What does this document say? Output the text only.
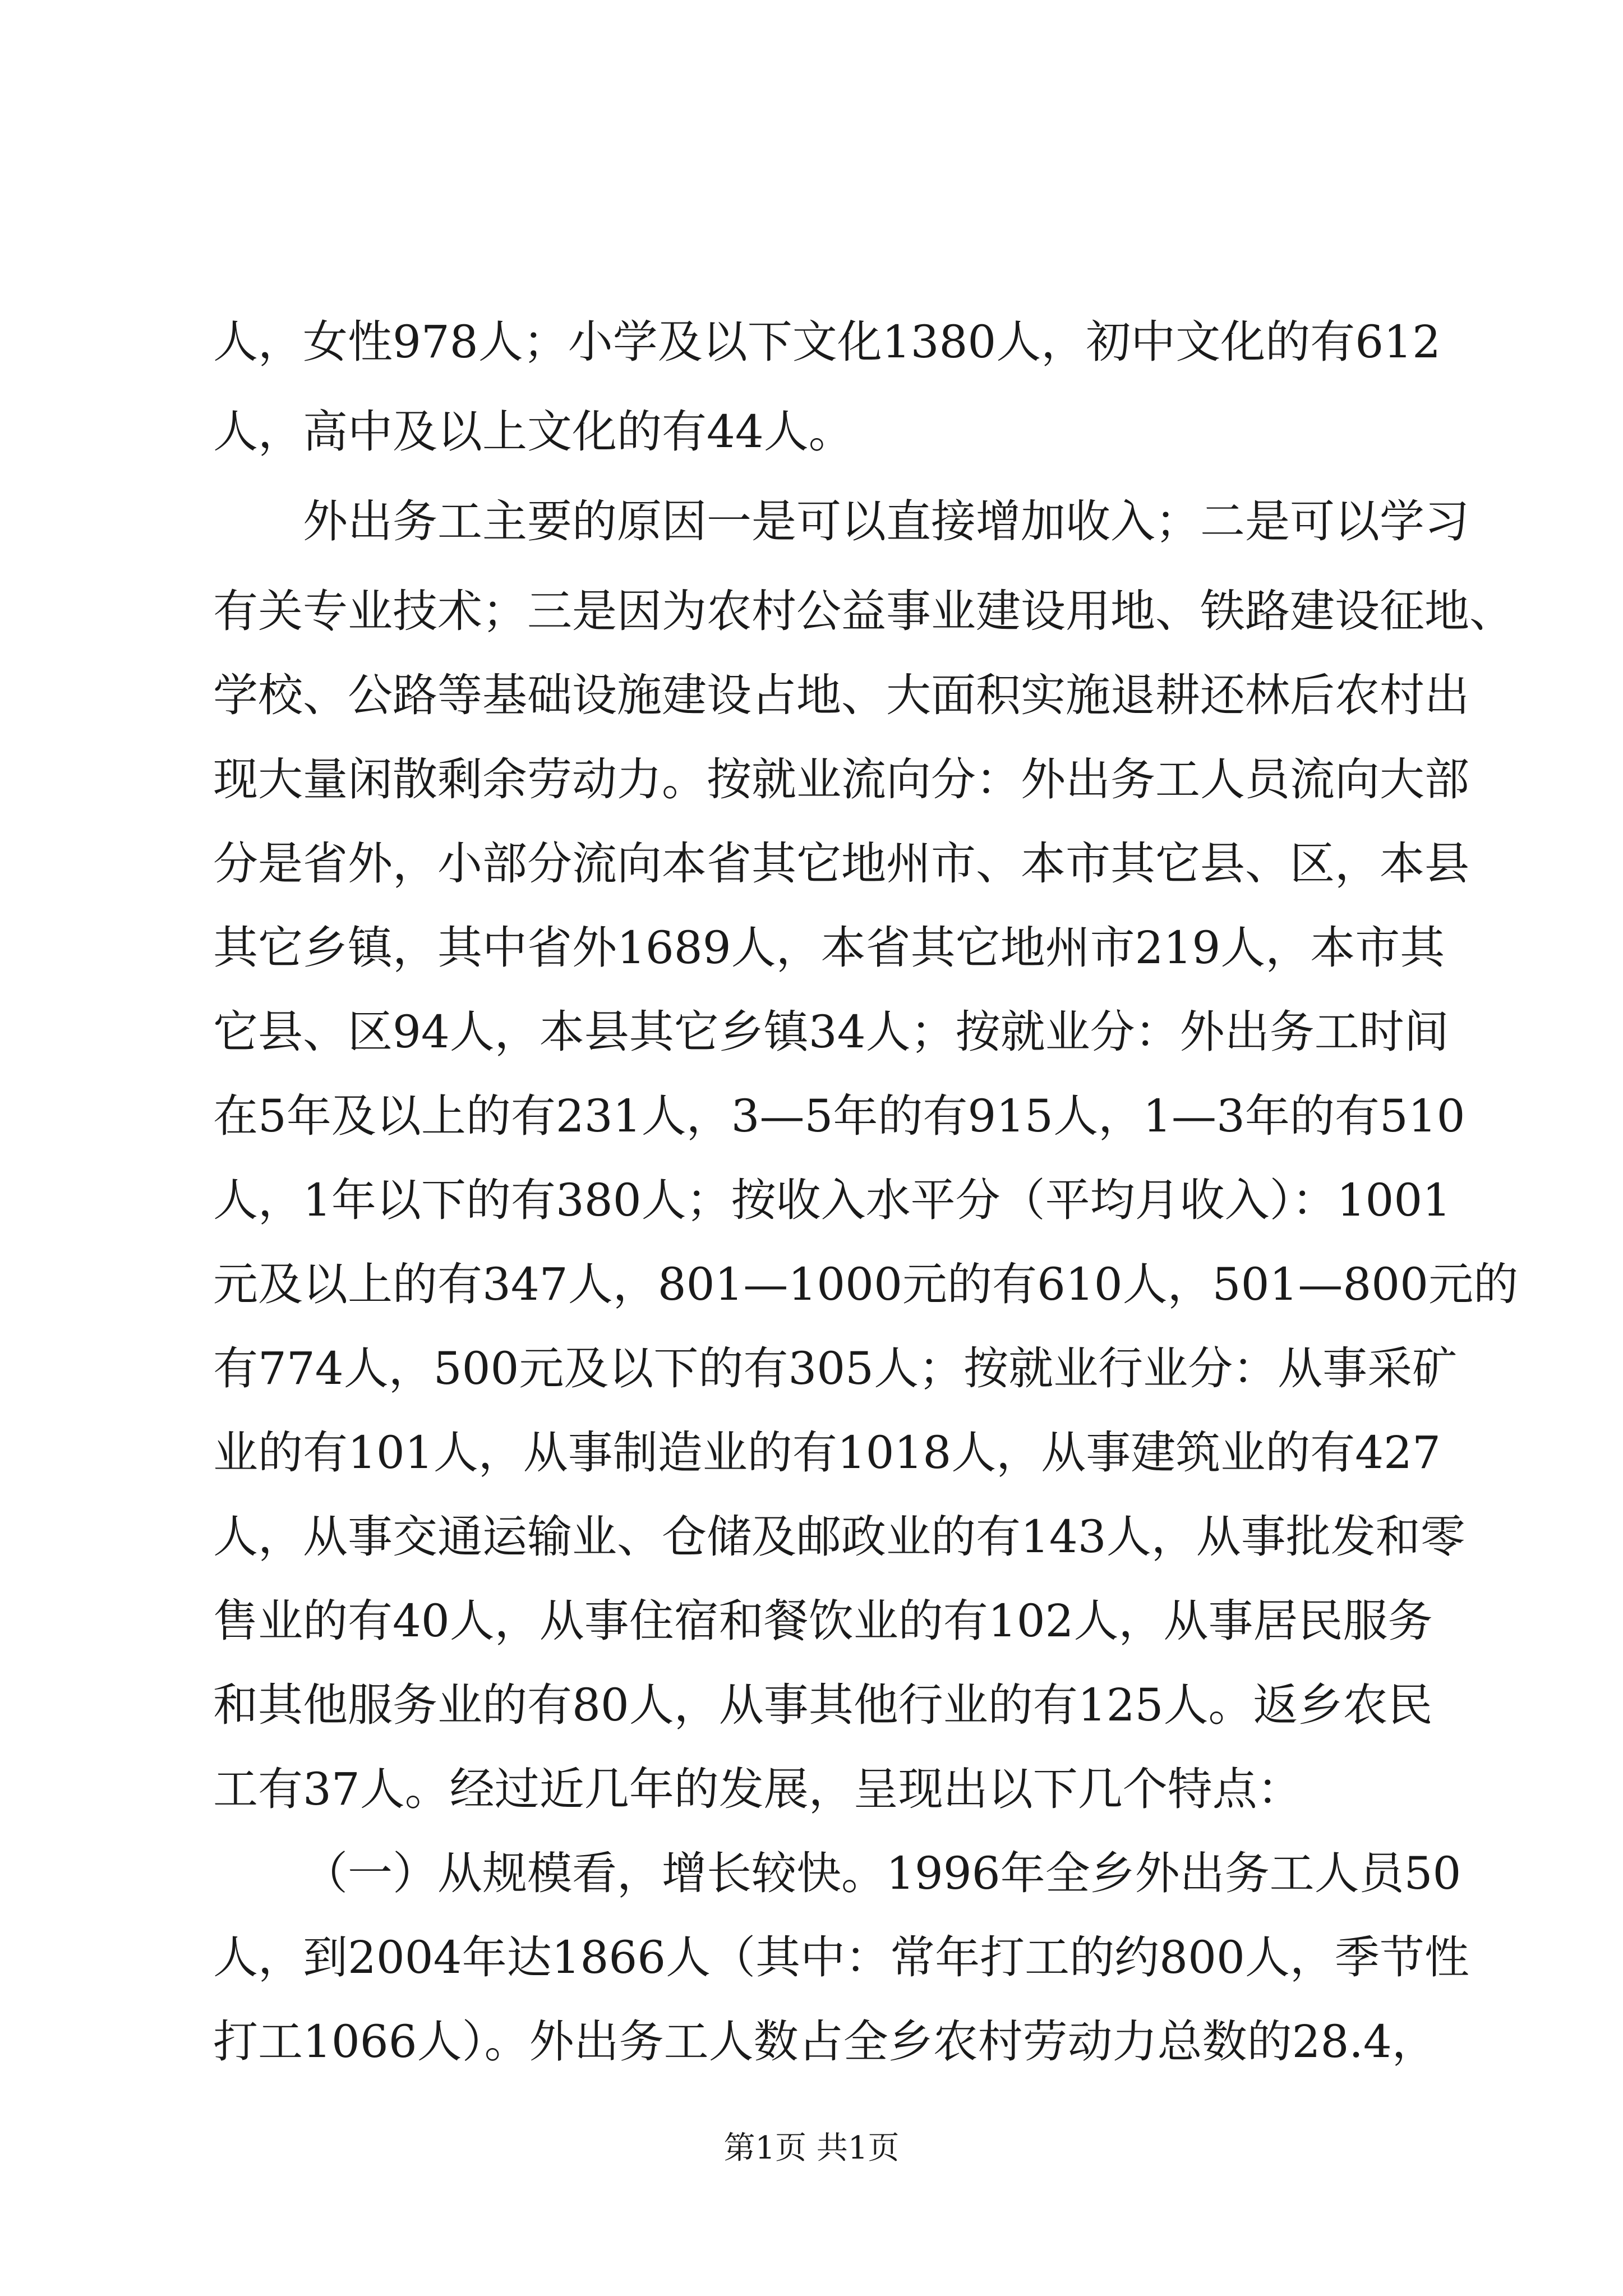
人，女性978人；小学及以下文化1380人，初中文化的有612
人，高中及以上文化的有44人。
外出务工主要的原因一是可以直接增加收入；二是可以学习
有关专业技术；三是因为农村公益事业建设用地、铁路建设征地、
学校、公路等基础设施建设占地、大面积实施退耕还林后农村出
现大量闲散剩余劳动力。按就业流向分：外出务工人员流向大部
分是省外，小部分流向本省其它地州市、本市其它县、区，本县
其它乡镇，其中省外1689人，本省其它地州市219人，本市其
它县、区94人，本县其它乡镇34人；按就业分：外出务工时间
在5年及以上的有231人，3—5年的有915人，1—3年的有510
人，1年以下的有380人；按收入水平分（平均月收入）：1001
元及以上的有347人，801—1000元的有610人，501—800元的
有774人，500元及以下的有305人；按就业行业分：从事采矿
业的有101人，从事制造业的有1018人，从事建筑业的有427
人，从事交通运输业、仓储及邮政业的有143人，从事批发和零
售业的有40人，从事住宿和餐饮业的有102人，从事居民服务
和其他服务业的有80人，从事其他行业的有125人。返乡农民
工有37人。经过近几年的发展，呈现出以下几个特点：
（一）从规模看，增长较快。1996年全乡外出务工人员50
人，到2004年达1866人（其中：常年打工的约800人，季节性
打工1066人）。外出务工人数占全乡农村劳动力总数的28.4，
第1页 共1页
